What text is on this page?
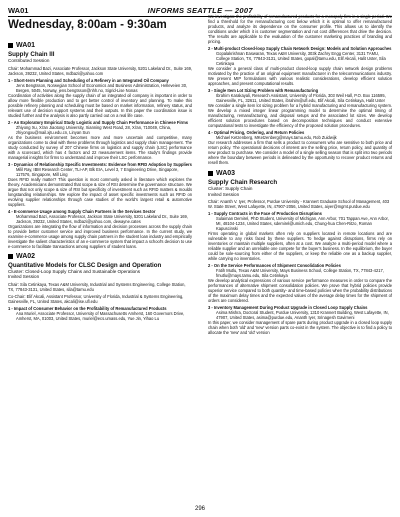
WA01	INFORMS SEATTLE — 2007
Wednesday, 8:00am - 9:30am
WA01
Supply Chain III
Contributed Session

Chair: Mohammad Bazi, Associate Professor, Jackson State University, 5201 Lakeland Dr., Suite 169, Jackson, 39232, United States, mdbazi@yahoo.com

1 - Short-term Planning and Scheduling of a Refinery in an Integrated Oil Company
Jens Bengtsson, Norwegian School of Economics and Business Administration, Helleveien 30, Bergen, 5045, Norway, jens.bengtsson@nhh.no, Sigrid-Lise Nonas
Coordination of activities along the supply chain of an integrated oil company is important in order to allow more flexible production and to get better control of inventory and planning. To make this possible refinery planning and scheduling must be based on market information, refinery status, and relevant use of decision support systems and their outputs. In this paper the coordination issue is studied further and the analysis is also partly carried out on a real life case.
2 - An Exploratory Empirical Study Logistic and Supply Chain Performance in Chinese Firms
Zhiyong Xu, Xi'an Jiaotong University, Xianning West Road, 28, Xi'an, 710049, China, zhiyongxu@mail.xjtu.edu.cn, Linyan Sun
As the business environment becomes more and more uncertain and competitive, many organizations come to deal with these problems through logistics and supply chain management. The study conducted by survey of 207 Chinese firms on logistics and supply chain (LSC) performance with a scorecard, which has 4 factors and 22 measurement items. The study's findings provide managerial insights for firms to understand and improve their LSC performance.
3 - Dynamics of Relationship Specific Investments: Evidence from RFID Adoption by Suppliers
Milil Ray, IBM Research Center, TLI-AP, Blk EIA, Level 3, 7 Engineering Drive, Singapore, 117576, Singapore, Mill Ling
Does RFID really matter? This question is most commonly asked in literature which explores the theory. Academicians demonstrated that scope & size of RSI determine the governance structure. We argue that not only scope & size of RSI but specificity of investment such as RFID matters & moulds longstanding relationships. We explore the impact of asset specific investments such as RFID on evolving supplier relationships through case studies of the world's largest retail & automotive suppliers.
4 - E-commerce Usage among Supply Chain Partners in the Services Sector
Mohammad Bazi, Associate Professor, Jackson State University, 5201 Lakeland Dr., Suite 169, Jackson, 39232, United States, mdbazi@yahoo.com, dewayne.cates
Organizations are integrating the flow of information and decision processes across the supply chain to provide better customer service and improved business performance. In the current study, we examine e-commerce usage among supply chain partners in the student loan industry and empirically investigate the salient characteristics of an e-commerce system that impact a school's decision to use e-commerce to facilitate transactions among suppliers of student loans.
WA02
Quantitative Models for CLSC Design and Operation
Cluster: Closed-Loop Supply Chains and Sustainable Operations
Invited Session

Chair: Sila Cetinkaya, Texas A&M University, Industrial and Systems Engineering, College Station, TX, 77843-3131, United States, sila@tamu.edu

Co-Chair: Elif Akcali, Assistant Professor, University of Florida, Industrial & Systems Engineering, Gainesville, FL, United States, akcali@ise.ufl.edu

1 - Impact of Consumer Behavior on the Profitability of Remanufactured Products
Ana Muriel, Associate Professor, University of Massachusetts Amherst, 160 Governors Drive, Amherst, MA, 01003, United States, muriel@ecs.umass.edu, Yue Jin, Yihao Lu
We investigate the profitability of remanufactured products for a monopoly firm in a single period. We find a threshold for the remanufacturing cost below which it is optimal to offer remanufactured products, and analyze its dependence on the consumer profile. This allows us to identify the conditions under which it is customer segmentation and not cost differences that drive the decision. The results are applicable to the evaluation of the customer marketing practices of branding and pricing.
2 - Multi-product Closed-loop Supply Chain Network Design: Models and Solution Approaches
Gopalakrishnan Easwaran, Texas A&M University, 303k Zachry Engg Center, 3131 TAMU, College Station, TX, 77843-3131, United States, gopal@tamu.edu, Elif Akcali, Halit Uster, Sila Cetinkaya
We consider a general class of multi-product closed-loop supply chain network design problems motivated by the practice of an original equipment manufacturer in the telecommunications industry. We present MIP formulations with various realistic considerations, develop efficient solution approaches, and present computational results.
3 - Single Item Lot Sizing Problem with Remanufacturing
Ibrahim Karakayali, Research Assistant, University of Florida, 303 Weil Hall, P.O. Box 116595, Gainesville, FL, 32611, United States, ibrahim@ufl.edu, Elif Akcali, Sila Cetinkaya, Halit Uster
We consider a single item lot sizing problem for a hybrid manufacturing and remanufacturing system. We develop a mixed integer linear programming model to determine the optimal timing of manufacturing, remanufacturing, and disposal setups and the associated lot sizes. We develop efficient solution procedures based on decomposition techniques and conduct extensive computational tests to investigate the efficiency of the proposed solution procedures.
4 - Optimal Pricing, Ordering, and Return Policies
Michael Ketzenberg, MKetzenberg@mays.tamu.edu, Rob Zuidwijk
Our research addresses a firm that sells a product to consumers who are sensitive to both price and return policy. The operational decisions of interest are the selling price, return policy, and quantity of new product to purchase. We consider a model of a single selling season that is split into two periods where the boundary between periods is delineated by the opportunity to recover product returns and resell them.
WA03
Supply Chain Research
Cluster: Supply Chain
Invited Session

Chair: Ananth V. Iyer, Professor, Purdue University - Krannert Graduate School of Management, 403 W. State Street, West Lafayette, IN, 47907-2056, United States, aiyer@mgmt.purdue.edu

1 - Supply Contracts in the Face of Production Disruptions
Sulaiman Demirel, PhD Student, University of Michigan, Ann Arbor, 701 Tappan Ave, Ann Arbor, MI, 48104-1234, United States, sdemirel@umich.edu, Chung-hua Chen-Ritzo, Roman Kapuscinski
Firms operating in global markets often rely on suppliers located in remote locations and are vulnerable to any risks faced by these suppliers. To hedge against disruptions, firms rely on inventories or maintain multiple suppliers, often at a cost. We analyze a multi-period model where a reliable supplier and an unreliable one compete for the buyer's business. In the equilibrium, the buyer could be sole-sourcing from either of the suppliers, or keep the reliable one as a backup supplier, while carrying no inventories.
2 - On the Service Performances of Shipment Consolidation Policies
Fatih Mutlu, Texas A&M University, Mays Business School, College Station, TX, 77843-4217, fmutlu@mays.tamu.edu, Sila Cetinkaya
We develop analytical expressions of various service performance measures in order to compare the performances of alternative shipment consolidation policies. We prove that hybrid policies provide superior service compared to both quantity- and time-based policies when the probability distributions of the maximum delay times and the expected values of the average delay times for the shipment of orders are considered.
3 - Inventory Management During Product Upgrade in Closed Loop Supply Chains
Asima Mishra, Doctoral Student, Purdue University, 1310 Krannert Building, West Lafayette, IN, 47907, United States, asima@purdue.edu, Ananth Iyer, Srinagesh Gavirneni
In this paper, we consider management of spare parts during product upgrade in a closed loop supply chain when both 'old' and 'new' version parts co-exist in the system. The objective is to find a policy to allocate the 'new' and 'old' version
296
